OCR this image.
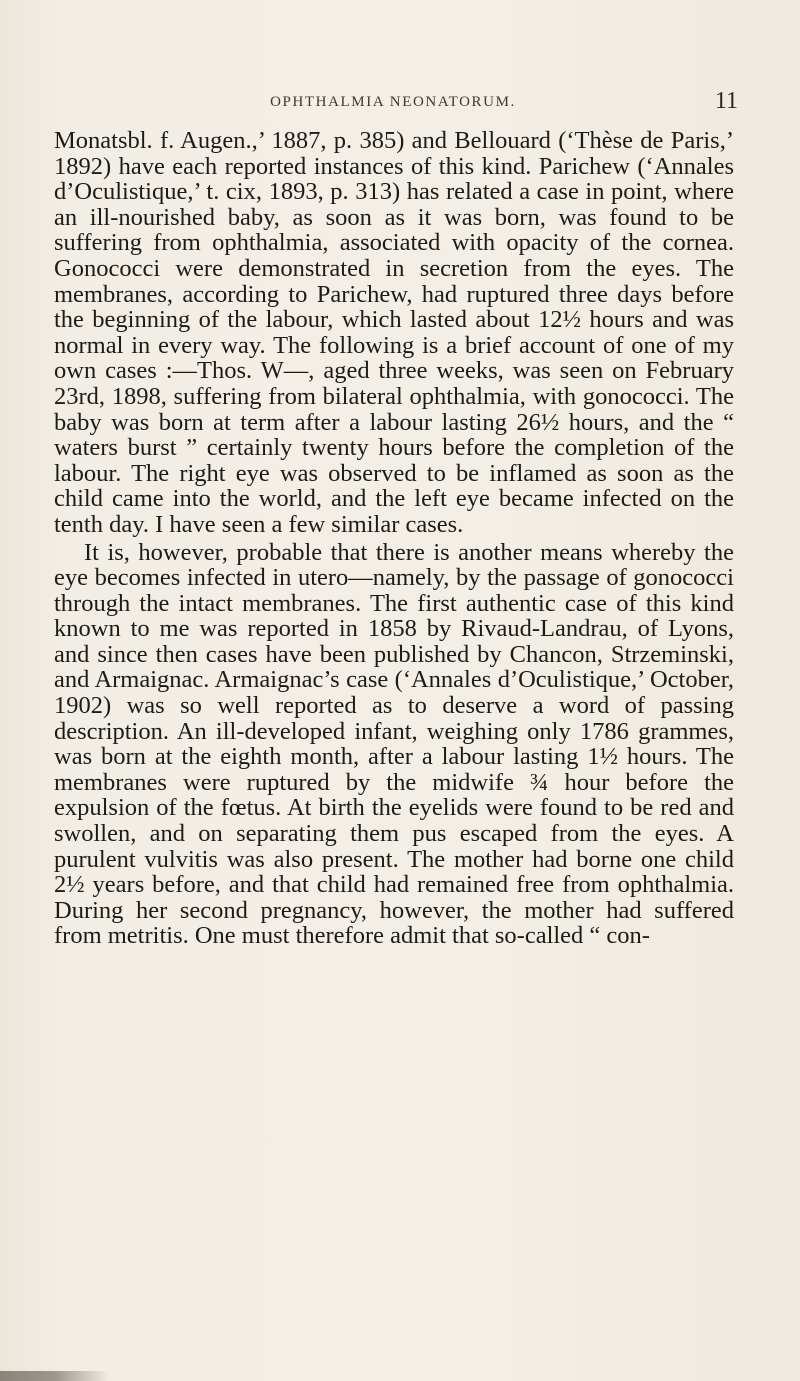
OPHTHALMIA NEONATORUM.	11

Monatsbl. f. Augen.,’ 1887, p. 385) and Bellouard (‘Thèse de Paris,’ 1892) have each reported instances of this kind. Parichew (‘Annales d’Oculistique,’ t. cix, 1893, p. 313) has related a case in point, where an ill-nourished baby, as soon as it was born, was found to be suffering from ophthalmia, associated with opacity of the cornea. Gonococci were demonstrated in secretion from the eyes. The membranes, according to Parichew, had ruptured three days before the beginning of the labour, which lasted about 12½ hours and was normal in every way. The following is a brief account of one of my own cases :—Thos. W—, aged three weeks, was seen on February 23rd, 1898, suffering from bilateral ophthalmia, with gonococci. The baby was born at term after a labour lasting 26½ hours, and the “ waters burst ” certainly twenty hours before the completion of the labour. The right eye was observed to be inflamed as soon as the child came into the world, and the left eye became infected on the tenth day. I have seen a few similar cases.

It is, however, probable that there is another means whereby the eye becomes infected in utero—namely, by the passage of gonococci through the intact membranes. The first authentic case of this kind known to me was reported in 1858 by Rivaud-Landrau, of Lyons, and since then cases have been published by Chancon, Strzeminski, and Armaignac. Armaignac’s case (‘Annales d’Oculistique,’ October, 1902) was so well reported as to deserve a word of passing description. An ill-developed infant, weighing only 1786 grammes, was born at the eighth month, after a labour lasting 1½ hours. The membranes were ruptured by the midwife ¾ hour before the expulsion of the fœtus. At birth the eyelids were found to be red and swollen, and on separating them pus escaped from the eyes. A purulent vulvitis was also present. The mother had borne one child 2½ years before, and that child had remained free from ophthalmia. During her second pregnancy, however, the mother had suffered from metritis. One must therefore admit that so-called “ con-
